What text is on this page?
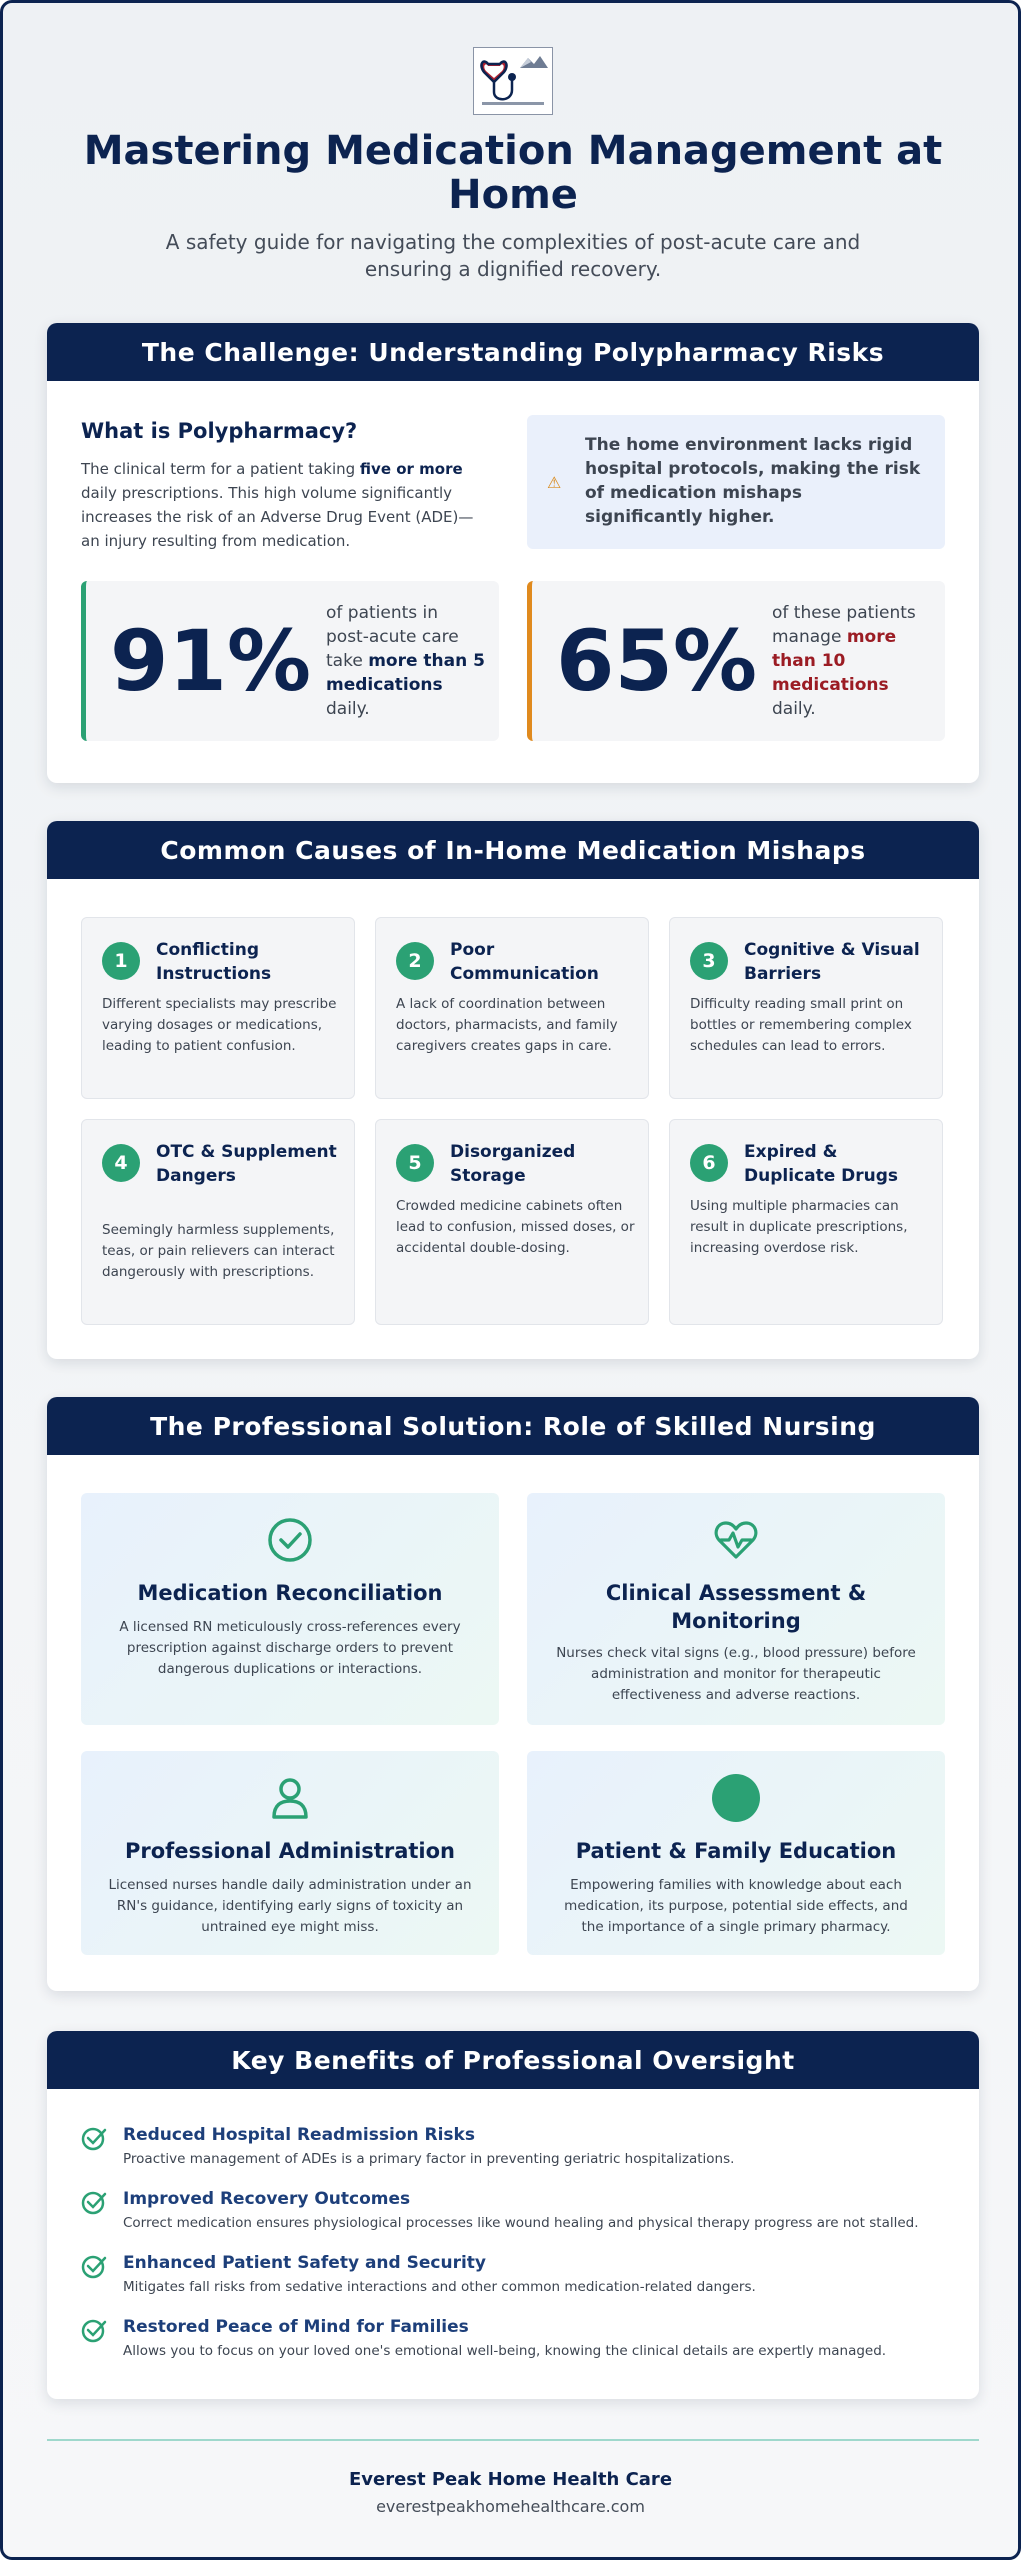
Mastering Medication Management at Home

A safety guide for navigating the complexities of post-acute care and ensuring a dignified recovery.

The Challenge: Understanding Polypharmacy Risks
What is Polypharmacy?

The clinical term for a patient taking five or more daily prescriptions. This high volume significantly increases the risk of an Adverse Drug Event (ADE)—an injury resulting from medication.

⚠

The home environment lacks rigid hospital protocols, making the risk of medication mishaps significantly higher.

91% of patients in post-acute care take more than 5 medications daily.	65% of these patients manage more than 10 medications daily.

Common Causes of In-Home Medication Mishaps
1	Conflicting Instructions
Different specialists may prescribe varying dosages or medications, leading to patient confusion.
2	Poor Communication
A lack of coordination between doctors, pharmacists, and family caregivers creates gaps in care.
3	Cognitive & Visual Barriers
Difficulty reading small print on bottles or remembering complex schedules can lead to errors.
4	OTC & Supplement Dangers
Seemingly harmless supplements, teas, or pain relievers can interact dangerously with prescriptions.
5	Disorganized Storage
Crowded medicine cabinets often lead to confusion, missed doses, or accidental double-dosing.
6	Expired & Duplicate Drugs
Using multiple pharmacies can result in duplicate prescriptions, increasing overdose risk.
The Professional Solution: Role of Skilled Nursing
Medication Reconciliation
A licensed RN meticulously cross-references every prescription against discharge orders to prevent dangerous duplications or interactions.
Clinical Assessment & Monitoring
Nurses check vital signs (e.g., blood pressure) before administration and monitor for therapeutic effectiveness and adverse reactions.
Professional Administration
Licensed nurses handle daily administration under an RN's guidance, identifying early signs of toxicity an untrained eye might miss.
Patient & Family Education
Empowering families with knowledge about each medication, its purpose, potential side effects, and the importance of a single primary pharmacy.
Key Benefits of Professional Oversight
Reduced Hospital Readmission Risks
Proactive management of ADEs is a primary factor in preventing geriatric hospitalizations.
Improved Recovery Outcomes
Correct medication ensures physiological processes like wound healing and physical therapy progress are not stalled.
Enhanced Patient Safety and Security
Mitigates fall risks from sedative interactions and other common medication-related dangers.
Restored Peace of Mind for Families
Allows you to focus on your loved one's emotional well-being, knowing the clinical details are expertly managed.
Everest Peak Home Health Care
everestpeakhomehealthcare.com
